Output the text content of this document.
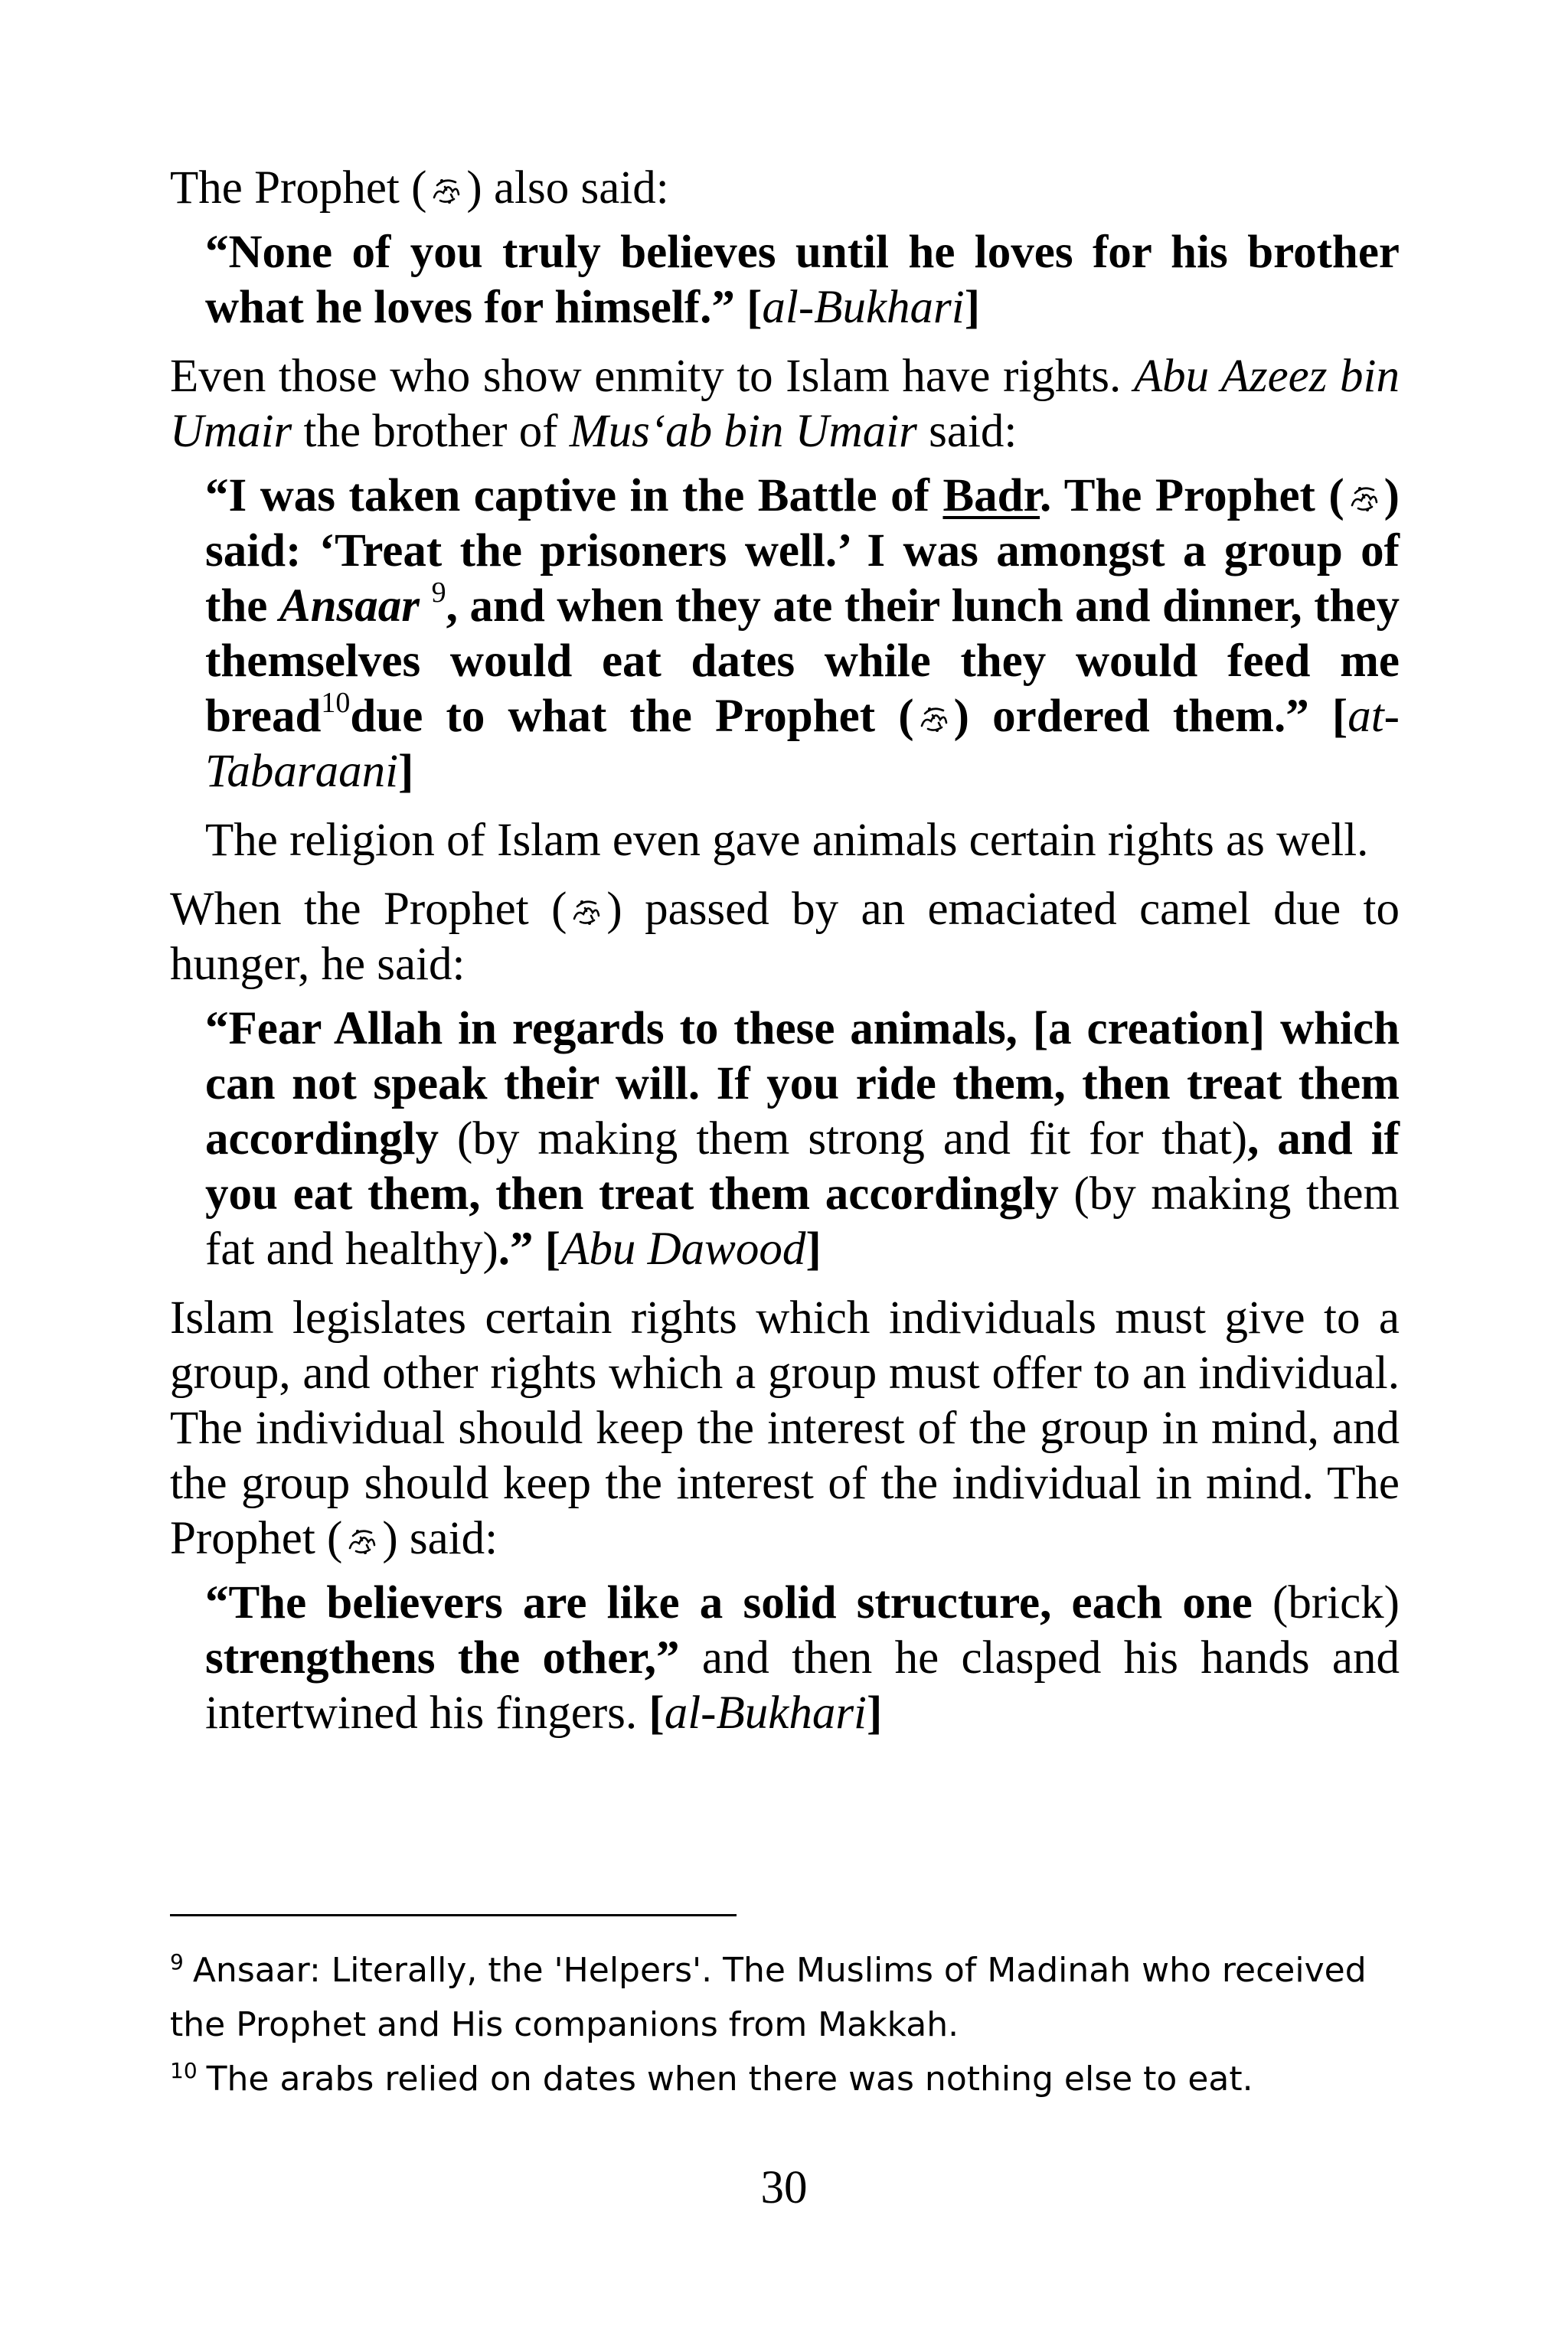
The Prophet ( ) also said:

“None of you truly believes until he loves for his brother what he loves for himself.” [al-Bukhari]

Even those who show enmity to Islam have rights. Abu Azeez bin Umair the brother of Mus‘ab bin Umair said:

“I was taken captive in the Battle of Badr. The Prophet ( ) said: ‘Treat the prisoners well.’ I was amongst a group of the Ansaar $^9$, and when they ate their lunch and dinner, they themselves would eat dates while they would feed me bread$^{10}$due to what the Prophet ( ) ordered them.” [at-Tabaraani]

The religion of Islam even gave animals certain rights as well.

When the Prophet ( ) passed by an emaciated camel due to hunger, he said:

“Fear Allah in regards to these animals, [a creation] which can not speak their will. If you ride them, then treat them accordingly (by making them strong and fit for that), and if you eat them, then treat them accordingly (by making them fat and healthy).” [Abu Dawood]

Islam legislates certain rights which individuals must give to a group, and other rights which a group must offer to an individual. The individual should keep the interest of the group in mind, and the group should keep the interest of the individual in mind. The Prophet ( ) said:

“The believers are like a solid structure, each one (brick) strengthens the other,” and then he clasped his hands and intertwined his fingers. [al-Bukhari]

$^9$ Ansaar: Literally, the 'Helpers'. The Muslims of Madinah who received the Prophet and His companions from Makkah.

$^{10}$ The arabs relied on dates when there was nothing else to eat.

30
